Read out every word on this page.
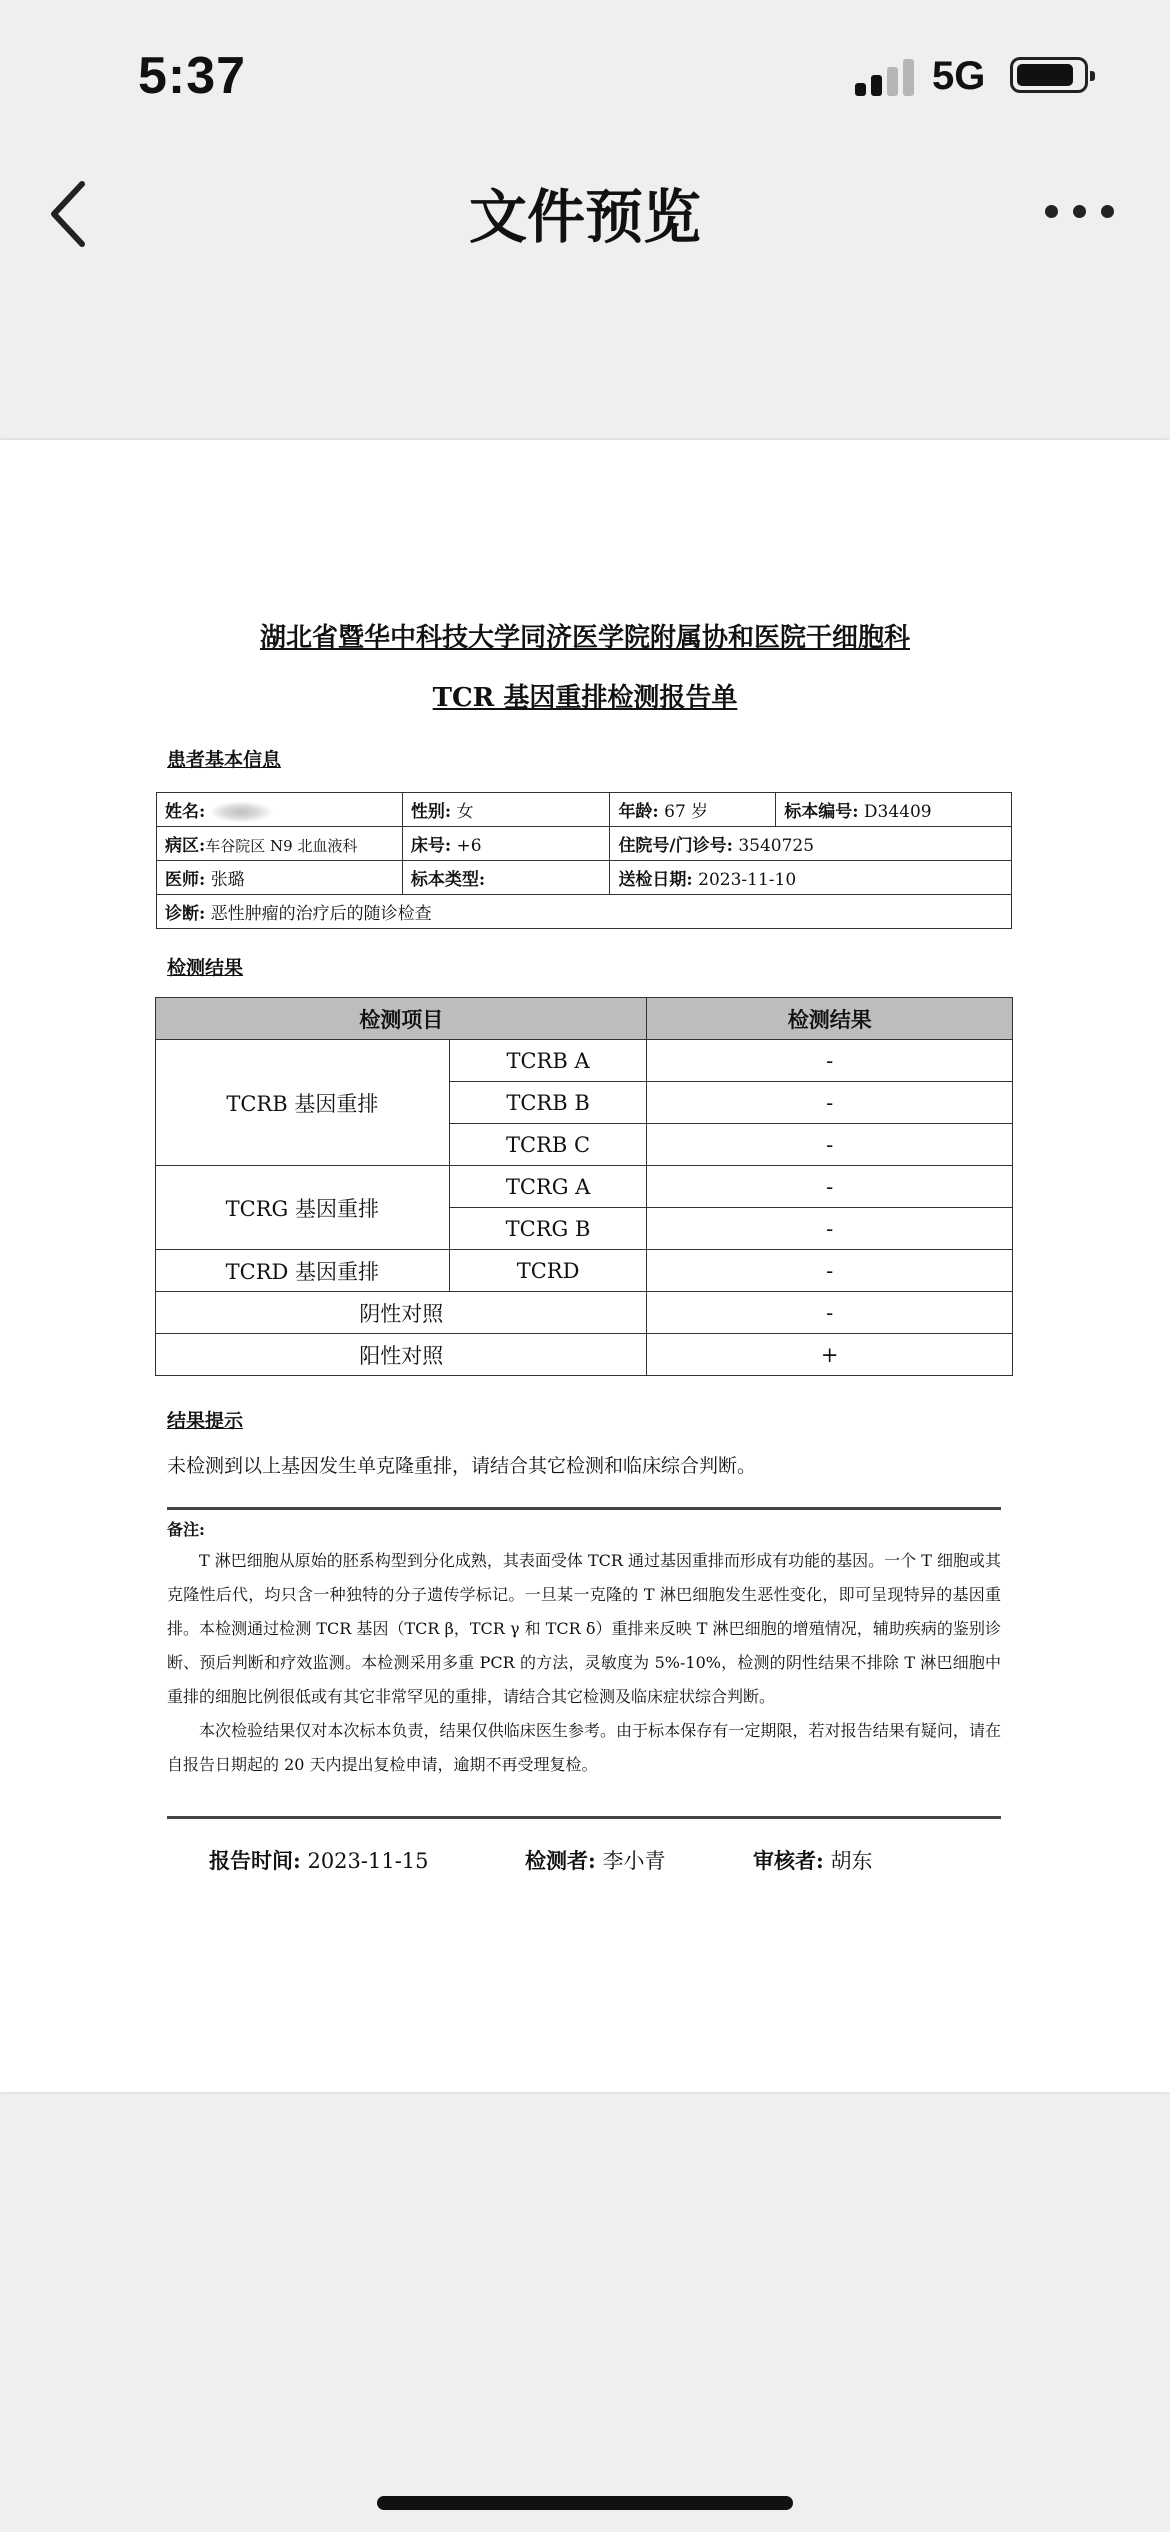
5:37	5G
文件预览
湖北省暨华中科技大学同济医学院附属协和医院干细胞科
TCR 基因重排检测报告单
患者基本信息
姓名:	性别: 女	年龄: 67 岁	标本编号: D34409
病区:车谷院区 N9 北血液科	床号: +6	住院号/门诊号: 3540725	
医师: 张璐	标本类型:	送检日期: 2023-11-10	
诊断: 恶性肿瘤的治疗后的随诊检查			
检测结果
检测项目		检测结果
TCRB 基因重排	TCRB A	-
	TCRB B	-
	TCRB C	-
TCRG 基因重排	TCRG A	-
	TCRG B	-
TCRD 基因重排	TCRD	-
阴性对照		-
阳性对照		+
结果提示
未检测到以上基因发生单克隆重排，请结合其它检测和临床综合判断。
备注:

T 淋巴细胞从原始的胚系构型到分化成熟，其表面受体 TCR 通过基因重排而形成有功能的基因。一个 T 细胞或其克隆性后代，均只含一种独特的分子遗传学标记。一旦某一克隆的 T 淋巴细胞发生恶性变化，即可呈现特异的基因重排。本检测通过检测 TCR 基因（TCR β，TCR γ 和 TCR δ）重排来反映 T 淋巴细胞的增殖情况，辅助疾病的鉴别诊断、预后判断和疗效监测。本检测采用多重 PCR 的方法，灵敏度为 5%-10%，检测的阴性结果不排除 T 淋巴细胞中重排的细胞比例很低或有其它非常罕见的重排，请结合其它检测及临床症状综合判断。

本次检验结果仅对本次标本负责，结果仅供临床医生参考。由于标本保存有一定期限，若对报告结果有疑问，请在自报告日期起的 20 天内提出复检申请，逾期不再受理复检。

报告时间: 2023-11-15	检测者: 李小青	审核者: 胡东
